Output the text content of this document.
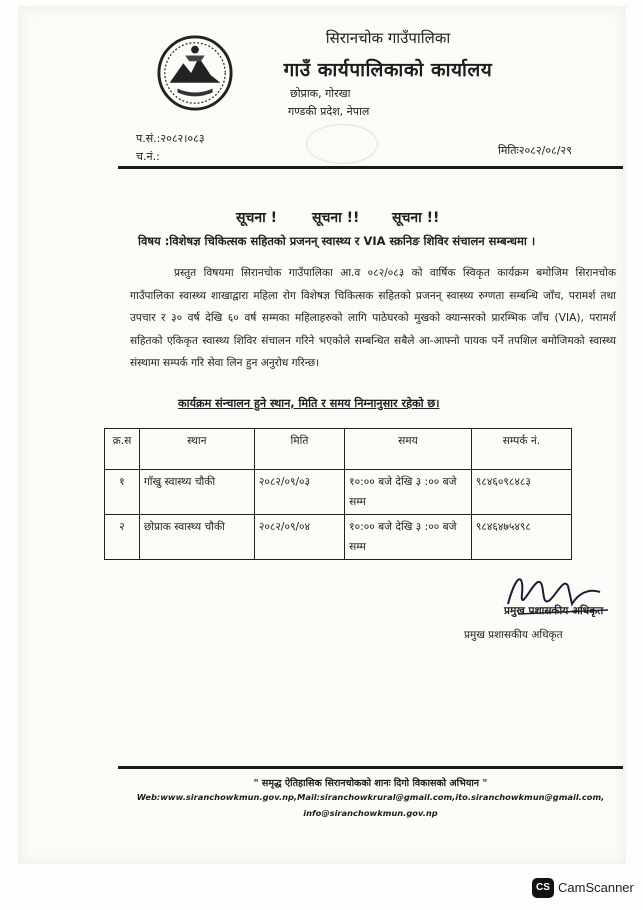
सिरानचोक गाउँपालिका
गाउँ कार्यपालिकाको कार्यालय
छोप्राक, गोरखा
गण्डकी प्रदेश, नेपाल
प.सं.:२०८२।०८३
च.नं.:	मितिः२०८२/०८/२९
सूचना ! सूचना !! सूचना !!
विषय :विशेषज्ञ चिकित्सक सहितको प्रजनन् स्वास्थ्य र VIA स्क्रनिङ शिविर संचालन सम्बन्धमा ।
प्रस्तुत विषयमा सिरानचोक गाउँपालिका आ.व ०८२/०८३ को वार्षिक स्विकृत कार्यक्रम बमोजिम सिरानचोक गाउँपालिका स्वास्थ्य शाखाद्वारा महिला रोग विशेषज्ञ चिकित्सक सहितको प्रजनन् स्वास्थ्य रुग्णता सम्बन्धि जाँच, परामर्श तथा उपचार र ३० वर्ष देखि ६० वर्ष सम्मका महिलाहरुको लागि पाठेघरको मुखको क्यान्सरको प्रारम्भिक जाँच (VIA), परामर्श सहितको एकिकृत स्वास्थ्य शिविर संचालन गरिने भएकोले सम्बन्धित सबैले आ-आफ्नो पायक पर्ने तपशिल बमोजिमको स्वास्थ्य संस्थामा सम्पर्क गरि सेवा लिन हुन अनुरोध गरिन्छ।
कार्यक्रम संन्चालन हुने स्थान, मिति र समय निम्नानुसार रहेको छ।
क्र.स	स्थान	मिति	समय	सम्पर्क नं.
१	गाँखु स्वास्थ्य चौकी	२०८२/०९/०३	१०:०० बजे देखि ३ :०० बजे सम्म	९८४६०९८४८३
२	छोप्राक स्वास्थ्य चौकी	२०८२/०९/०४	१०:०० बजे देखि ३ :०० बजे सम्म	९८४६४७५४९८
प्रमुख प्रशासकीय अधिकृत
प्रमुख प्रशासकीय अधिकृत
" समृद्ध ऐतिहासिक सिरानचोकको शानः दिगो विकासको अभियान "
Web:www.siranchowkmun.gov.np,Mail:siranchowkrural@gmail.com,ito.siranchowkmun@gmail.com,
info@siranchowkmun.gov.np
CS CamScanner
